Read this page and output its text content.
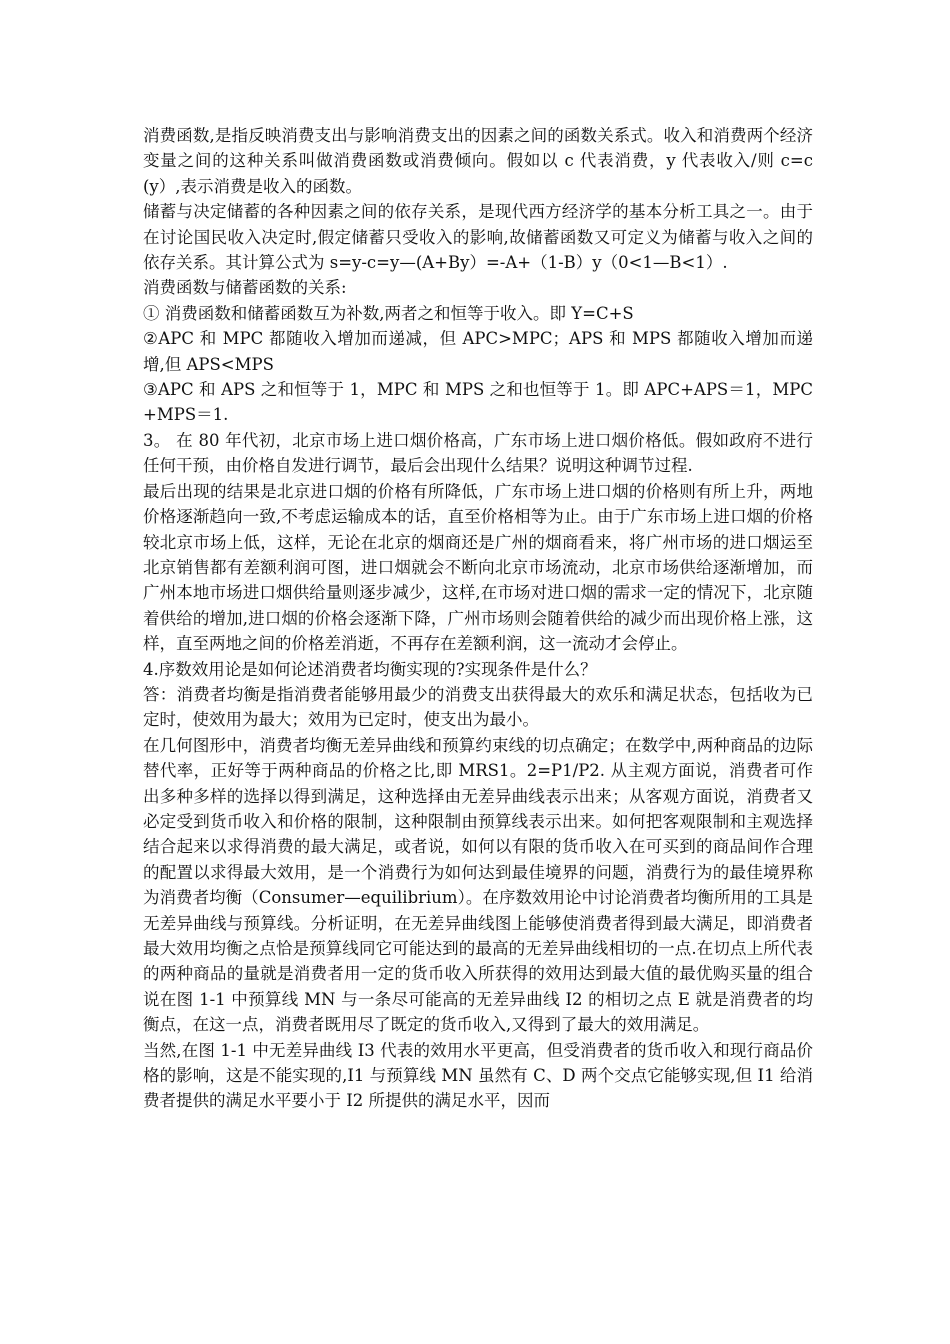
消费函数,是指反映消费支出与影响消费支出的因素之间的函数关系式。收入和消费两个经济变量之间的这种关系叫做消费函数或消费倾向。假如以 c 代表消费，y 代表收入/则 c=c(y）,表示消费是收入的函数。

储蓄与决定储蓄的各种因素之间的依存关系，是现代西方经济学的基本分析工具之一。由于在讨论国民收入决定时,假定储蓄只受收入的影响,故储蓄函数又可定义为储蓄与收入之间的依存关系。其计算公式为 s=y-c=y—(A+By）=-A+（1-B）y（0<1—B<1）.

消费函数与储蓄函数的关系:

① 消费函数和储蓄函数互为补数,两者之和恒等于收入。即 Y=C+S

②APC 和 MPC 都随收入增加而递减，但 APC>MPC；APS 和 MPS 都随收入增加而递增,但 APS<MPS

③APC 和 APS 之和恒等于 1，MPC 和 MPS 之和也恒等于 1。即 APC+APS＝1，MPC+MPS＝1.

3。 在 80 年代初，北京市场上进口烟价格高，广东市场上进口烟价格低。假如政府不进行任何干预，由价格自发进行调节，最后会出现什么结果？说明这种调节过程.

最后出现的结果是北京进口烟的价格有所降低，广东市场上进口烟的价格则有所上升，两地价格逐渐趋向一致,不考虑运输成本的话，直至价格相等为止。由于广东市场上进口烟的价格较北京市场上低，这样，无论在北京的烟商还是广州的烟商看来，将广州市场的进口烟运至北京销售都有差额利润可图，进口烟就会不断向北京市场流动，北京市场供给逐渐增加，而广州本地市场进口烟供给量则逐步减少，这样,在市场对进口烟的需求一定的情况下，北京随着供给的增加,进口烟的价格会逐渐下降，广州市场则会随着供给的减少而出现价格上涨，这样，直至两地之间的价格差消逝，不再存在差额利润，这一流动才会停止。

4.序数效用论是如何论述消费者均衡实现的?实现条件是什么？

答：消费者均衡是指消费者能够用最少的消费支出获得最大的欢乐和满足状态，包括收为已定时，使效用为最大；效用为已定时，使支出为最小。

在几何图形中，消费者均衡无差异曲线和预算约束线的切点确定；在数学中,两种商品的边际替代率，正好等于两种商品的价格之比,即 MRS1。2=P1/P2. 从主观方面说，消费者可作出多种多样的选择以得到满足，这种选择由无差异曲线表示出来；从客观方面说，消费者又必定受到货币收入和价格的限制，这种限制由预算线表示出来。如何把客观限制和主观选择结合起来以求得消费的最大满足，或者说，如何以有限的货币收入在可买到的商品间作合理的配置以求得最大效用，是一个消费行为如何达到最佳境界的问题，消费行为的最佳境界称为消费者均衡（Consumer—equilibrium）。在序数效用论中讨论消费者均衡所用的工具是无差异曲线与预算线。分析证明，在无差异曲线图上能够使消费者得到最大满足，即消费者最大效用均衡之点恰是预算线同它可能达到的最高的无差异曲线相切的一点.在切点上所代表的两种商品的量就是消费者用一定的货币收入所获得的效用达到最大值的最优购买量的组合说在图 1-1 中预算线 MN 与一条尽可能高的无差异曲线 I2 的相切之点 E 就是消费者的均衡点，在这一点，消费者既用尽了既定的货币收入,又得到了最大的效用满足。

当然,在图 1-1 中无差异曲线 I3 代表的效用水平更高，但受消费者的货币收入和现行商品价格的影响，这是不能实现的,I1 与预算线 MN 虽然有 C、D 两个交点它能够实现,但 I1 给消费者提供的满足水平要小于 I2 所提供的满足水平，因而
